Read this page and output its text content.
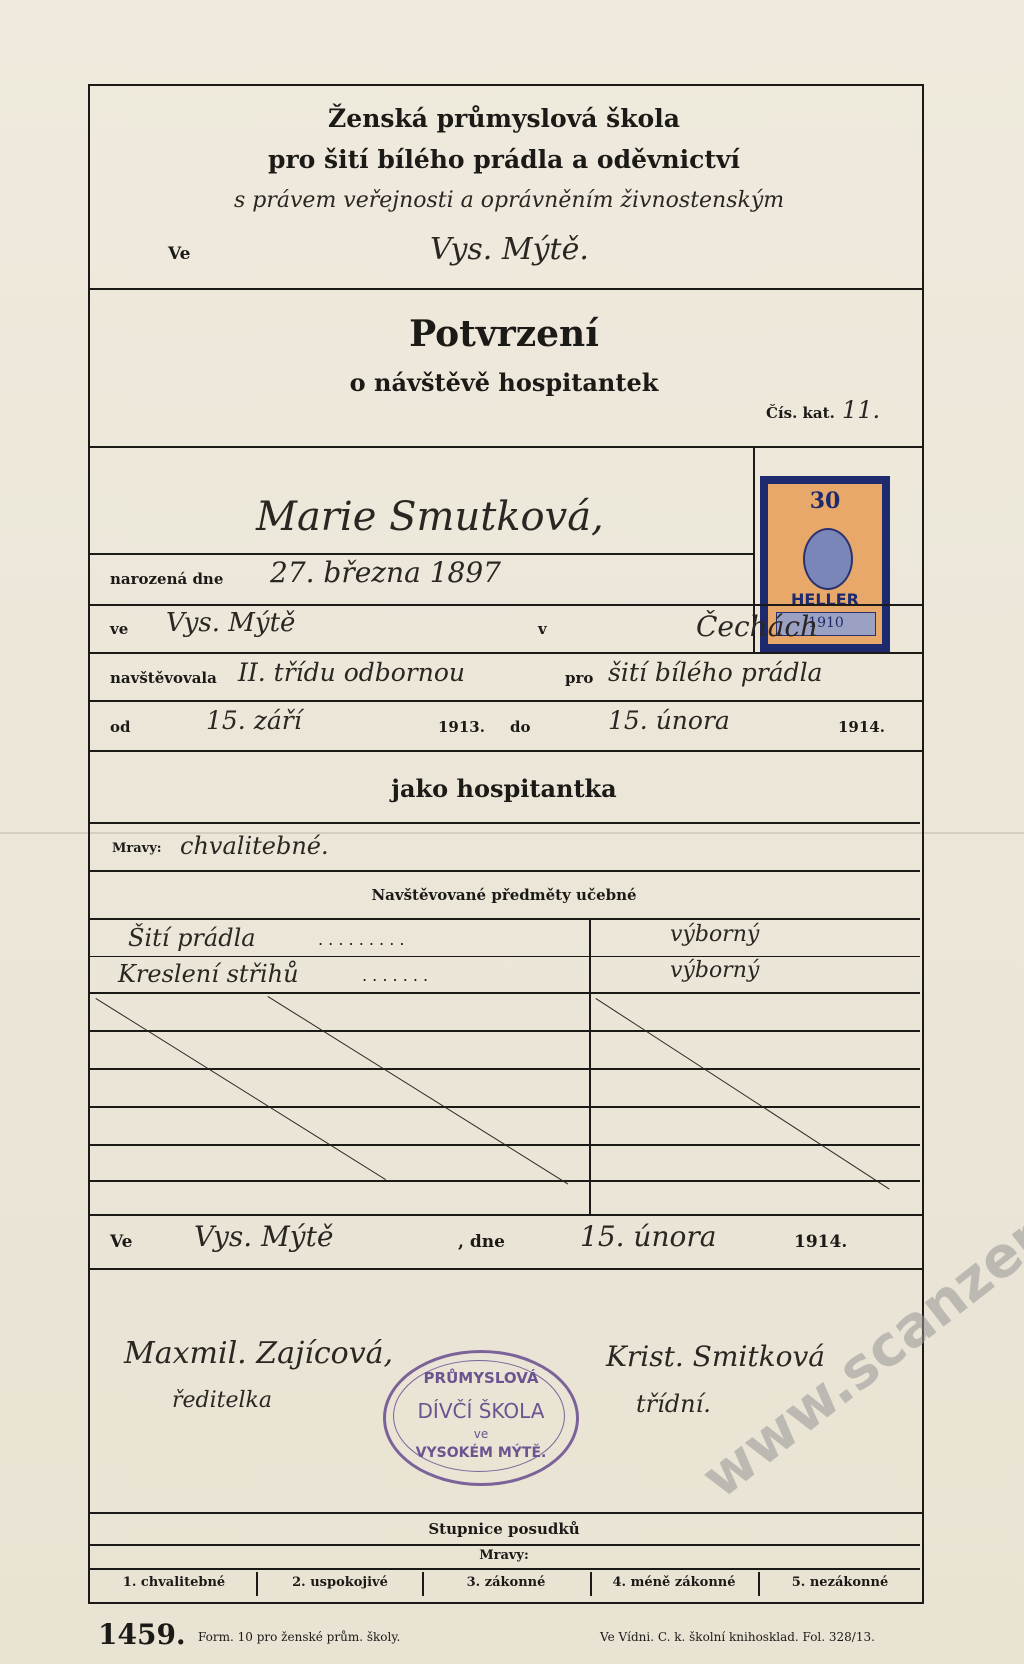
Ženská průmyslová škola
pro šití bílého prádla a oděvnictví
s právem veřejnosti a oprávněním živnostenským
Ve	Vys. Mýtě.
Potvrzení
o návštěvě hospitantek
Čís. kat. 11.
30
HELLER
1910
Marie Smutková,
narozená dne 27. března 1897
ve Vys. Mýtě	v	Čechách
navštěvovala II. třídu odbornou	pro šití bílého prádla
od	15. září	1913. do	15. února	1914.
jako hospitantka
Mravy: chvalitebné.
Navštěvované předměty učebné
Šití prádla	. . . . . . . . .	výborný
Kreslení střihů	. . . . . . .	výborný
Ve Vys. Mýtě	, dne	15. února	1914.
Maxmil. Zajícová,
ředitelka
Krist. Smitková
třídní.
PRŮMYSLOVÁ
DÍVČÍ ŠKOLA
ve
VYSOKÉM MÝTĚ.
Stupnice posudků
Mravy:
1. chvalitebné	2. uspokojivé	3. zákonné	4. méně zákonné	5. nezákonné
1459. Form. 10 pro ženské prům. školy.	Ve Vídni. C. k. školní knihosklad. Fol. 328/13.
